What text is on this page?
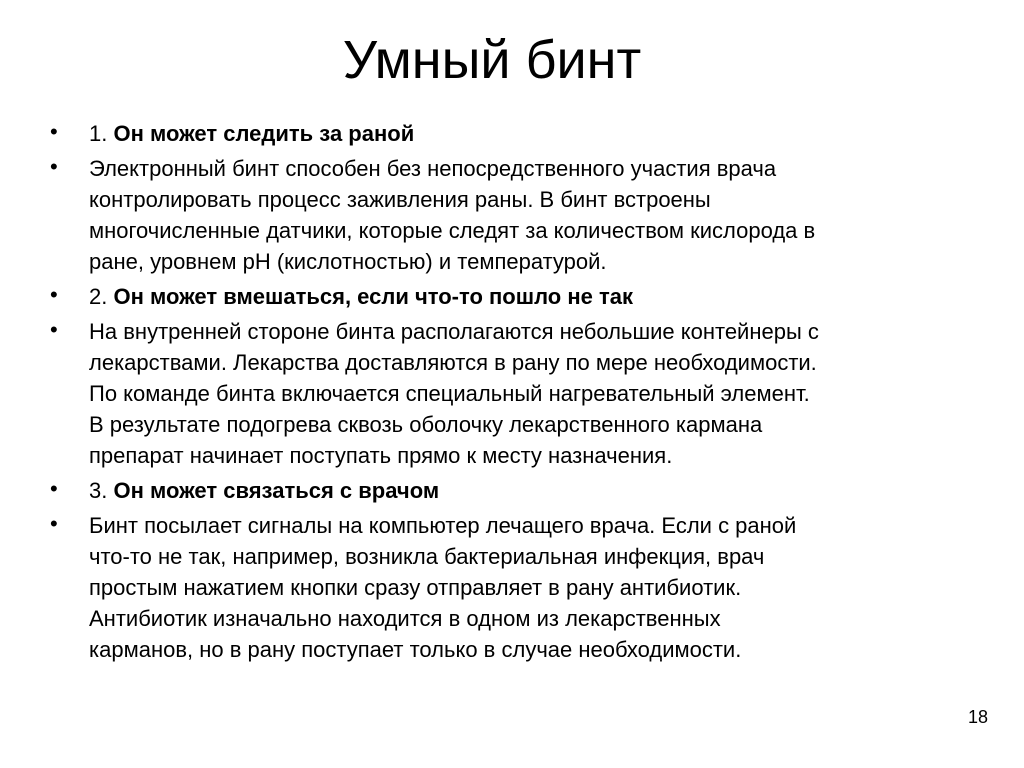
Умный бинт
•	1. Он может следить за раной
•	Электронный бинт способен без непосредственного участия врача
контролировать процесс заживления раны. В бинт встроены
многочисленные датчики, которые следят за количеством кислорода в
ране, уровнем pH (кислотностью) и температурой.
•	2. Он может вмешаться, если что-то пошло не так
•	На внутренней стороне бинта располагаются небольшие контейнеры с
лекарствами. Лекарства доставляются в рану по мере необходимости.
По команде бинта включается специальный нагревательный элемент.
В результате подогрева сквозь оболочку лекарственного кармана
препарат начинает поступать прямо к месту назначения.
•	3. Он может связаться с врачом
•	Бинт посылает сигналы на компьютер лечащего врача. Если с раной
что-то не так, например, возникла бактериальная инфекция, врач
простым нажатием кнопки сразу отправляет в рану антибиотик.
Антибиотик изначально находится в одном из лекарственных
карманов, но в рану поступает только в случае необходимости.
18
